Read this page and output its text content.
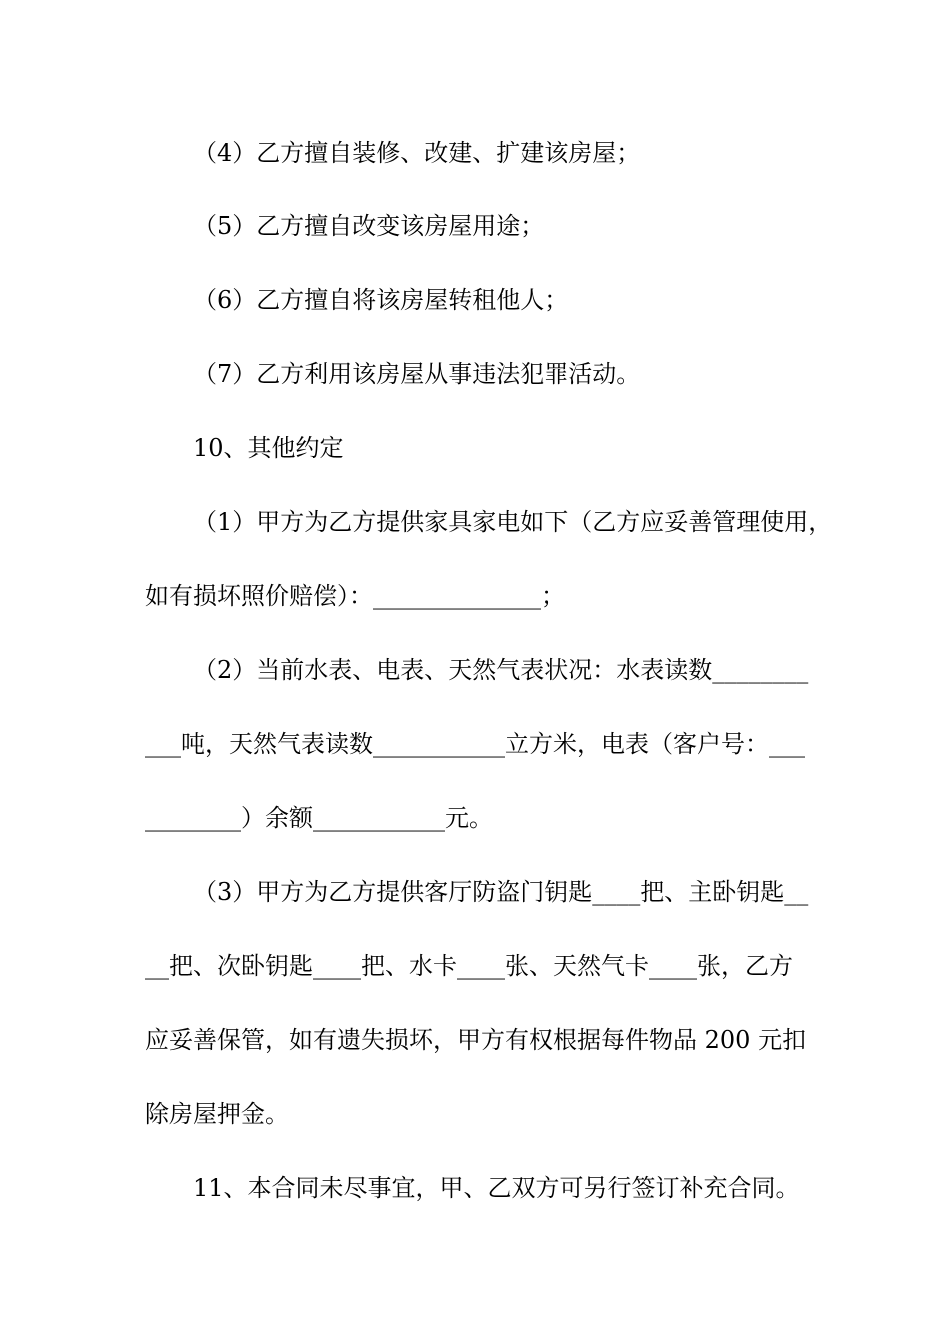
（4）乙方擅自装修、改建、扩建该房屋；
（5）乙方擅自改变该房屋用途；
（6）乙方擅自将该房屋转租他人；
（7）乙方利用该房屋从事违法犯罪活动。
10、其他约定
（1）甲方为乙方提供家具家电如下（乙方应妥善管理使用，
如有损坏照价赔偿）：______________；
（2）当前水表、电表、天然气表状况：水表读数________
___吨，天然气表读数___________立方米，电表（客户号：___
________）余额___________元。
（3）甲方为乙方提供客厅防盗门钥匙____把、主卧钥匙__
__把、次卧钥匙____把、水卡____张、天然气卡____张，乙方
应妥善保管，如有遗失损坏，甲方有权根据每件物品 200 元扣
除房屋押金。
11、本合同未尽事宜，甲、乙双方可另行签订补充合同。
